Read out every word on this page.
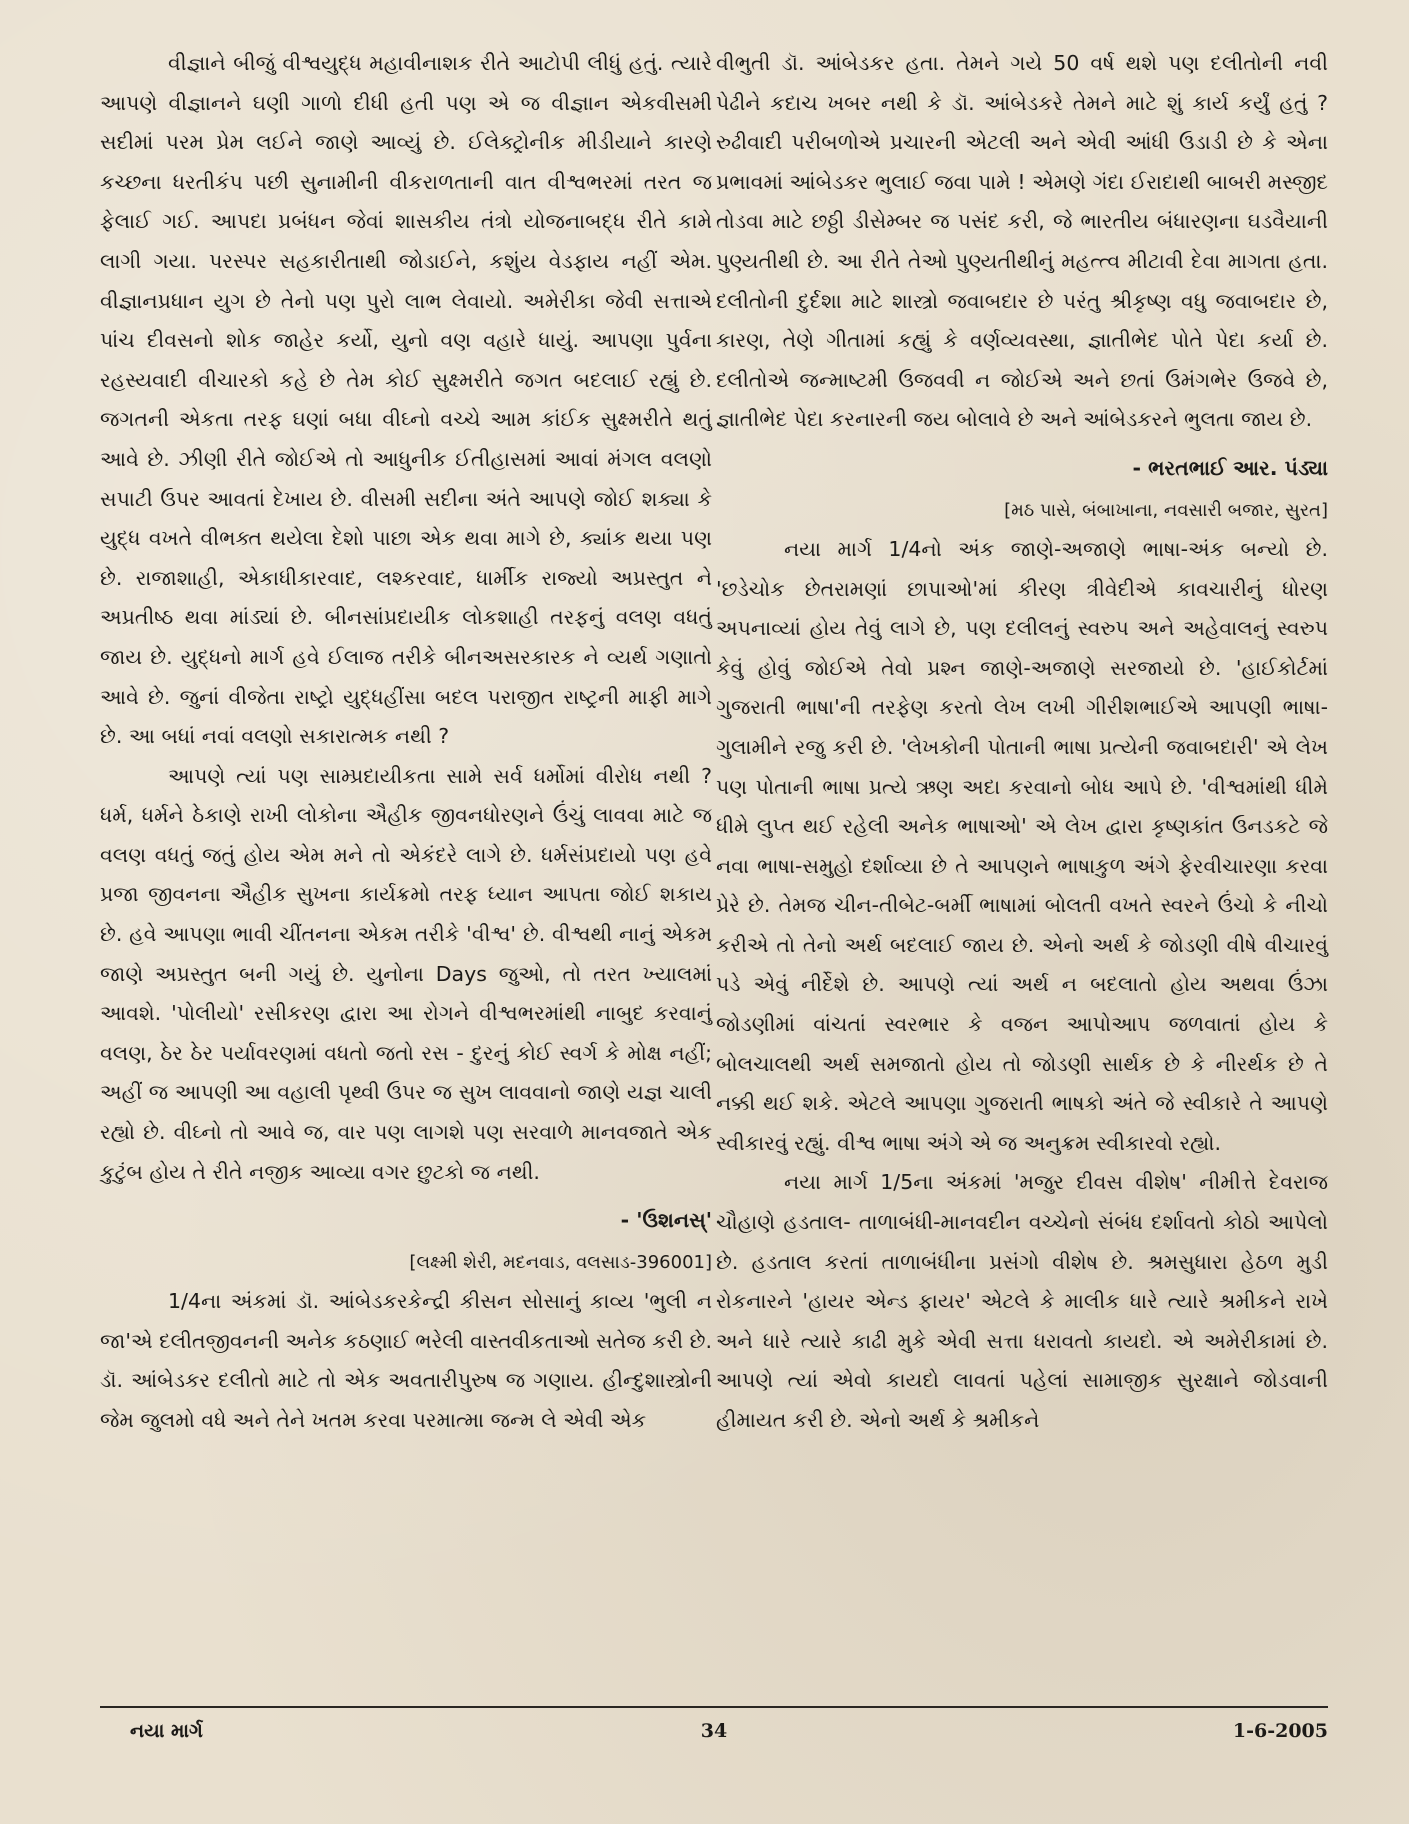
વીજ્ઞાને બીજું વીશ્વયુદ્ધ મહાવીનાશક રીતે આટોપી લીધું હતું. ત્યારે આપણે વીજ્ઞાનને ઘણી ગાળો દીધી હતી પણ એ જ વીજ્ઞાન એકવીસમી સદીમાં પરમ પ્રેમ લઈને જાણે આવ્યું છે. ઈલેક્ટ્રોનીક મીડીયાને કારણે કચ્છના ધરતીકંપ પછી સુનામીની વીકરાળતાની વાત વીશ્વભરમાં તરત જ ફેલાઈ ગઈ. આપદા પ્રબંધન જેવાં શાસકીય તંત્રો યોજનાબદ્ધ રીતે કામે લાગી ગયા. પરસ્પર સહકારીતાથી જોડાઈને, કશુંય વેડફાય નહીં એમ. વીજ્ઞાનપ્રધાન યુગ છે તેનો પણ પુરો લાભ લેવાયો. અમેરીકા જેવી સત્તાએ પાંચ દીવસનો શોક જાહેર કર્યો, યુનો વણ વહારે ધાયું. આપણા પુર્વના રહસ્યવાદી વીચારકો કહે છે તેમ કોઈ સુક્ષ્મરીતે જગત બદલાઈ રહ્યું છે. જગતની એકતા તરફ ઘણાં બધા વીઘ્નો વચ્ચે આમ કાંઈક સુક્ષ્મરીતે થતું આવે છે. ઝીણી રીતે જોઈએ તો આધુનીક ઈતીહાસમાં આવાં મંગલ વલણો સપાટી ઉપર આવતાં દેખાય છે. વીસમી સદીના અંતે આપણે જોઈ શક્યા કે યુદ્ધ વખતે વીભક્ત થયેલા દેશો પાછા એક થવા માગે છે, ક્યાંક થયા પણ છે. રાજાશાહી, એકાધીકારવાદ, લશ્કરવાદ, ધાર્મીક રાજ્યો અપ્રસ્તુત ને અપ્રતીષ્ઠ થવા માંડ્યાં છે. બીનસાંપ્રદાયીક લોકશાહી તરફનું વલણ વધતું જાય છે. યુદ્ધનો માર્ગ હવે ઈલાજ તરીકે બીનઅસરકારક ને વ્યર્થ ગણાતો આવે છે. જુનાં વીજેતા રાષ્ટ્રો યુદ્ધહીંસા બદલ પરાજીત રાષ્ટ્રની માફી માગે છે. આ બધાં નવાં વલણો સકારાત્મક નથી ?

આપણે ત્યાં પણ સામ્પ્રદાયીકતા સામે સર્વ ધર્મોમાં વીરોધ નથી ? ધર્મ, ધર્મને ઠેકાણે રાખી લોકોના ઐહીક જીવનધોરણને ઉંચું લાવવા માટે જ વલણ વધતું જતું હોય એમ મને તો એકંદરે લાગે છે. ધર્મસંપ્રદાયો પણ હવે પ્રજા જીવનના ઐહીક સુખના કાર્યક્રમો તરફ ધ્યાન આપતા જોઈ શકાય છે. હવે આપણા ભાવી ચીંતનના એકમ તરીકે 'વીશ્વ' છે. વીશ્વથી નાનું એકમ જાણે અપ્રસ્તુત બની ગયું છે. યુનોના Days જુઓ, તો તરત ખ્યાલમાં આવશે. 'પોલીયો' રસીકરણ દ્વારા આ રોગને વીશ્વભરમાંથી નાબુદ કરવાનું વલણ, ઠેર ઠેર પર્યાવરણમાં વધતો જતો રસ - દુરનું કોઈ સ્વર્ગ કે મોક્ષ નહીં; અહીં જ આપણી આ વહાલી પૃથ્વી ઉપર જ સુખ લાવવાનો જાણે યજ્ઞ ચાલી રહ્યો છે. વીઘ્નો તો આવે જ, વાર પણ લાગશે પણ સરવાળે માનવજાતે એક કુટુંબ હોય તે રીતે નજીક આવ્યા વગર છુટકો જ નથી.

- 'ઉશનસ્'

[લક્ષ્મી શેરી, મદનવાડ, વલસાડ-396001]

1/4ના અંકમાં ડૉ. આંબેડકરકેન્દ્રી કીસન સોસાનું કાવ્ય 'ભુલી ન જા'એ દલીતજીવનની અનેક કઠણાઈ ભરેલી વાસ્તવીકતાઓ સતેજ કરી છે. ડૉ. આંબેડકર દલીતો માટે તો એક અવતારીપુરુષ જ ગણાય. હીન્દુશાસ્ત્રોની જેમ જુલમો વધે અને તેને ખતમ કરવા પરમાત્મા જન્મ લે એવી એક

વીભુતી ડૉ. આંબેડકર હતા. તેમને ગયે 50 વર્ષ થશે પણ દલીતોની નવી પેઢીને કદાચ ખબર નથી કે ડૉ. આંબેડકરે તેમને માટે શું કાર્ય કર્યું હતું ? રુઢીવાદી પરીબળોએ પ્રચારની એટલી અને એવી આંધી ઉડાડી છે કે એના પ્રભાવમાં આંબેડકર ભુલાઈ જવા પામે ! એમણે ગંદા ઈરાદાથી બાબરી મસ્જીદ તોડવા માટે છઠ્ઠી ડીસેમ્બર જ પસંદ કરી, જે ભારતીય બંધારણના ઘડવૈયાની પુણ્યતીથી છે. આ રીતે તેઓ પુણ્યતીથીનું મહત્ત્વ મીટાવી દેવા માગતા હતા. દલીતોની દુર્દશા માટે શાસ્ત્રો જવાબદાર છે પરંતુ શ્રીકૃષ્ણ વધુ જવાબદાર છે, કારણ, તેણે ગીતામાં કહ્યું કે વર્ણવ્યવસ્થા, જ્ઞાતીભેદ પોતે પેદા કર્યા છે. દલીતોએ જન્માષ્ટમી ઉજવવી ન જોઈએ અને છતાં ઉમંગભેર ઉજવે છે, જ્ઞાતીભેદ પેદા કરનારની જય બોલાવે છે અને આંબેડકરને ભુલતા જાય છે.

- ભરતભાઈ આર. પંડ્યા

[મઠ પાસે, બંબાખાના, નવસારી બજાર, સુરત]

નયા માર્ગ 1/4નો અંક જાણે-અજાણે ભાષા-અંક બન્યો છે. 'છડેચોક છેતરામણાં છાપાઓ'માં કીરણ ત્રીવેદીએ કાવચારીનું ધોરણ અપનાવ્યાં હોય તેવું લાગે છે, પણ દલીલનું સ્વરુપ અને અહેવાલનું સ્વરુપ કેવું હોવું જોઈએ તેવો પ્રશ્ન જાણે-અજાણે સરજાયો છે. 'હાઈકોર્ટમાં ગુજરાતી ભાષા'ની તરફેણ કરતો લેખ લખી ગીરીશભાઈએ આપણી ભાષા-ગુલામીને રજુ કરી છે. 'લેખકોની પોતાની ભાષા પ્રત્યેની જવાબદારી' એ લેખ પણ પોતાની ભાષા પ્રત્યે ઋણ અદા કરવાનો બોધ આપે છે. 'વીશ્વમાંથી ધીમે ધીમે લુપ્ત થઈ રહેલી અનેક ભાષાઓ' એ લેખ દ્વારા કૃષ્ણકાંત ઉનડકટે જે નવા ભાષા-સમુહો દર્શાવ્યા છે તે આપણને ભાષાકુળ અંગે ફેરવીચારણા કરવા પ્રેરે છે. તેમજ ચીન-તીબેટ-બર્મી ભાષામાં બોલતી વખતે સ્વરને ઉંચો કે નીચો કરીએ તો તેનો અર્થ બદલાઈ જાય છે. એનો અર્થ કે જોડણી વીષે વીચારવું પડે એવું નીર્દેશે છે. આપણે ત્યાં અર્થ ન બદલાતો હોય અથવા ઉંઝા જોડણીમાં વાંચતાં સ્વરભાર કે વજન આપોઆપ જળવાતાં હોય કે બોલચાલથી અર્થ સમજાતો હોય તો જોડણી સાર્થક છે કે નીરર્થક છે તે નક્કી થઈ શકે. એટલે આપણા ગુજરાતી ભાષકો અંતે જે સ્વીકારે તે આપણે સ્વીકારવું રહ્યું. વીશ્વ ભાષા અંગે એ જ અનુક્રમ સ્વીકારવો રહ્યો.

નયા માર્ગ 1/5ના અંકમાં 'મજુર દીવસ વીશેષ' નીમીત્તે દેવરાજ ચૌહાણે હડતાલ- તાળાબંધી-માનવદીન વચ્ચેનો સંબંધ દર્શાવતો કોઠો આપેલો છે. હડતાલ કરતાં તાળાબંધીના પ્રસંગો વીશેષ છે. શ્રમસુધારા હેઠળ મુડી રોકનારને 'હાયર એન્ડ ફાયર' એટલે કે માલીક ધારે ત્યારે શ્રમીકને રાખે અને ધારે ત્યારે કાઢી મુકે એવી સત્તા ધરાવતો કાયદો. એ અમેરીકામાં છે. આપણે ત્યાં એવો કાયદો લાવતાં પહેલાં સામાજીક સુરક્ષાને જોડવાની હીમાયત કરી છે. એનો અર્થ કે શ્રમીકને

નયા માર્ગ	34	1-6-2005
